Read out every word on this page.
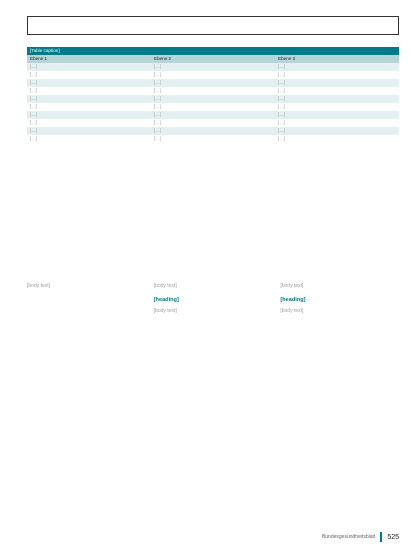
[Table caption]
Ebene 1	Ebene 2	Ebene 3
[…]	[…]	[…]
[…]	[…]	[…]
[…]	[…]	[…]
[…]	[…]	[…]
[…]	[…]	[…]
[…]	[…]	[…]
[…]	[…]	[…]
[…]	[…]	[…]
[…]	[…]	[…]
[…]	[…]	[…]
[body text]	[body text]
[heading]
[body text]
[body text]
[heading]
[body text]
Bundesgesundheitsblatt 525
